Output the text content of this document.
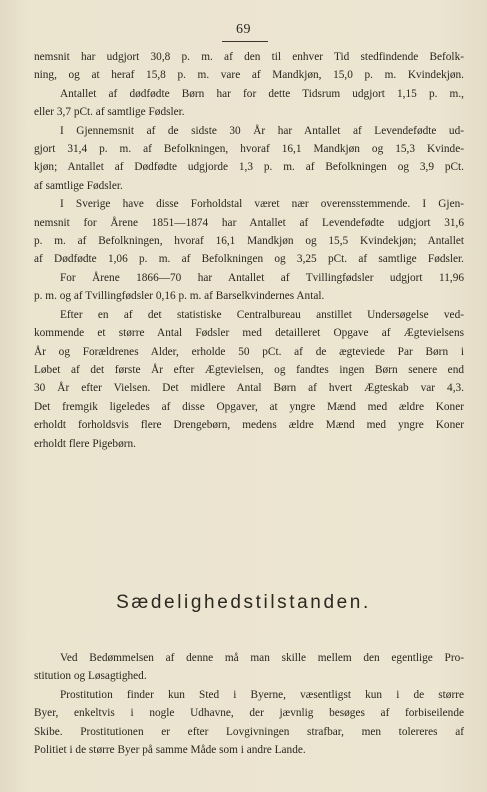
69
nemsnit har udgjort 30,8 p. m. af den til enhver Tid stedfindende Befolk-
ning, og at heraf 15,8 p. m. vare af Mandkjøn, 15,0 p. m. Kvindekjøn.
Antallet af dødfødte Børn har for dette Tidsrum udgjort 1,15 p. m.,
eller 3,7 pCt. af samtlige Fødsler.
I Gjennemsnit af de sidste 30 År har Antallet af Levendefødte ud-
gjort 31,4 p. m. af Befolkningen, hvoraf 16,1 Mandkjøn og 15,3 Kvinde-
kjøn; Antallet af Dødfødte udgjorde 1,3 p. m. af Befolkningen og 3,9 pCt.
af samtlige Fødsler.
I Sverige have disse Forholdstal været nær overensstemmende. I Gjen-
nemsnit for Årene 1851—1874 har Antallet af Levendefødte udgjort 31,6
p. m. af Befolkningen, hvoraf 16,1 Mandkjøn og 15,5 Kvindekjøn; Antallet
af Dødfødte 1,06 p. m. af Befolkningen og 3,25 pCt. af samtlige Fødsler.
For Årene 1866—70 har Antallet af Tvillingfødsler udgjort 11,96
p. m. og af Tvillingfødsler 0,16 p. m. af Barselkvindernes Antal.
Efter en af det statistiske Centralbureau anstillet Undersøgelse ved-
kommende et større Antal Fødsler med detailleret Opgave af Ægtevielsens
År og Forældrenes Alder, erholde 50 pCt. af de ægteviede Par Børn i
Løbet af det første År efter Ægtevielsen, og fandtes ingen Børn senere end
30 År efter Vielsen. Det midlere Antal Børn af hvert Ægteskab var 4,3.
Det fremgik ligeledes af disse Opgaver, at yngre Mænd med ældre Koner
erholdt forholdsvis flere Drengebørn, medens ældre Mænd med yngre Koner
erholdt flere Pigebørn.
Sædelighedstilstanden.
Ved Bedømmelsen af denne må man skille mellem den egentlige Pro-
stitution og Løsagtighed.
Prostitution finder kun Sted i Byerne, væsentligst kun i de større
Byer, enkeltvis i nogle Udhavne, der jævnlig besøges af forbiseilende
Skibe. Prostitutionen er efter Lovgivningen strafbar, men tolereres af
Politiet i de større Byer på samme Måde som i andre Lande.
